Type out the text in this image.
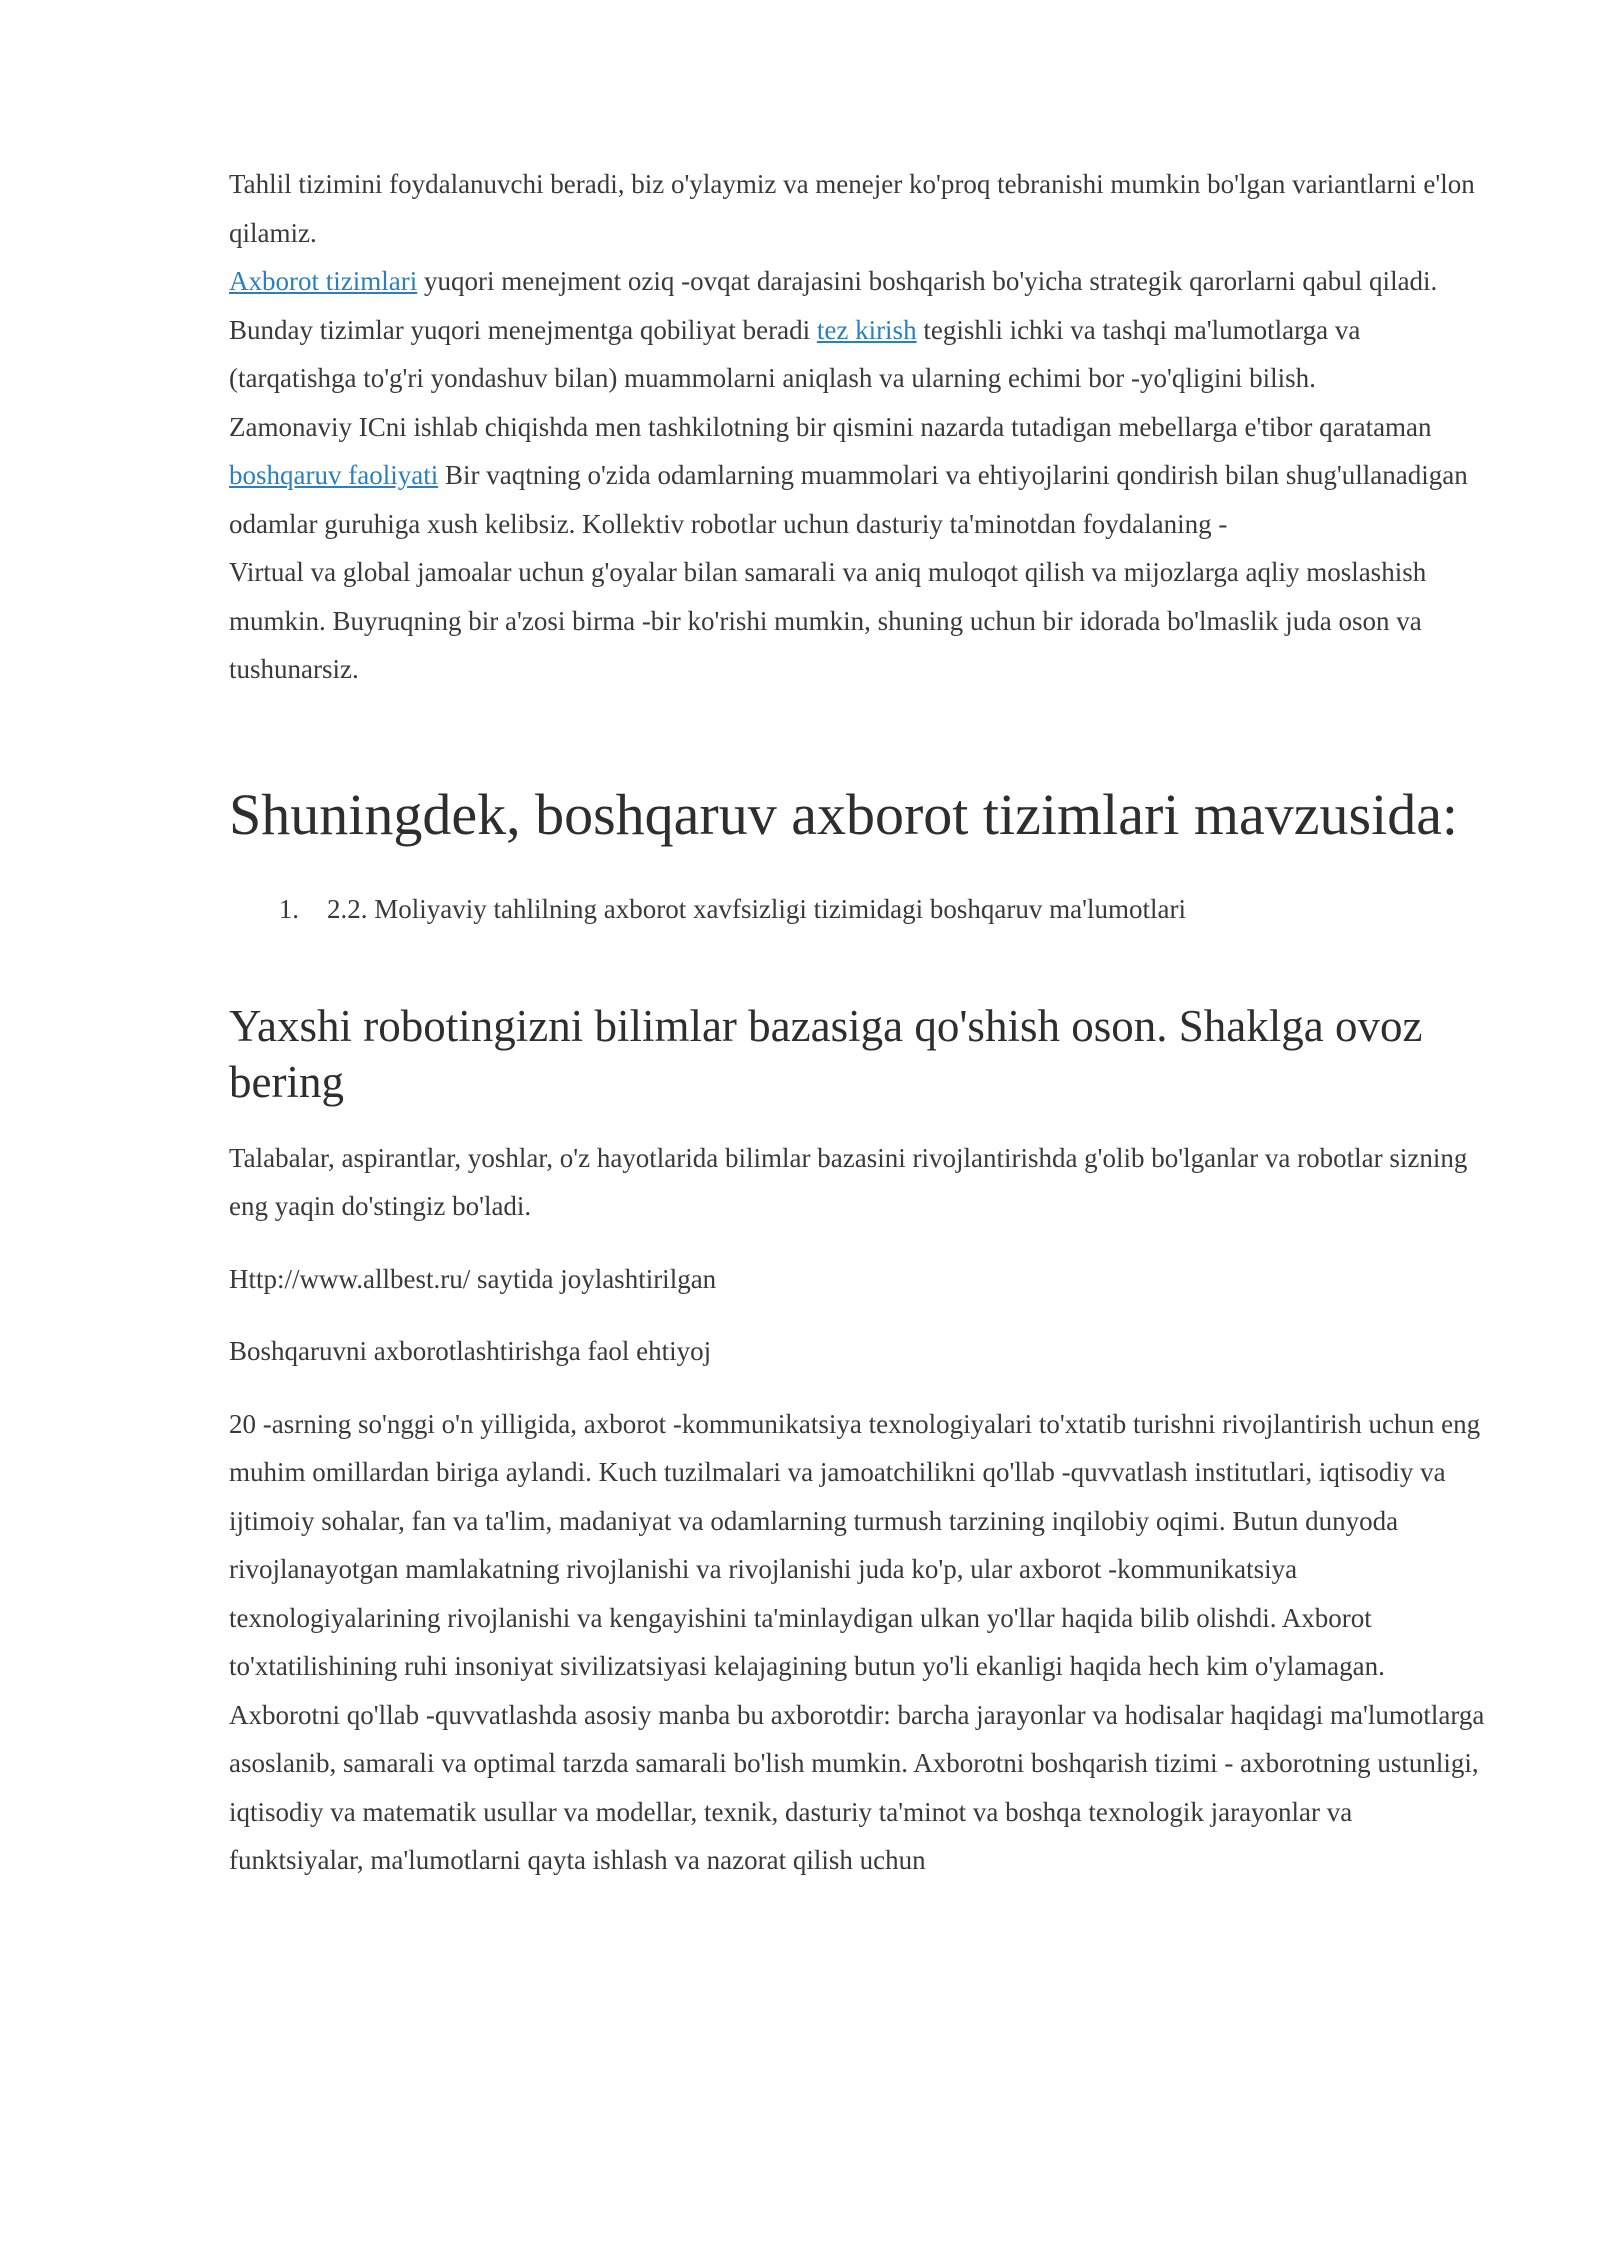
Tahlil tizimini foydalanuvchi beradi, biz o'ylaymiz va menejer ko'proq tebranishi mumkin bo'lgan variantlarni e'lon qilamiz.

Axborot tizimlari yuqori menejment oziq -ovqat darajasini boshqarish bo'yicha strategik qarorlarni qabul qiladi. Bunday tizimlar yuqori menejmentga qobiliyat beradi tez kirish tegishli ichki va tashqi ma'lumotlarga va (tarqatishga to'g'ri yondashuv bilan) muammolarni aniqlash va ularning echimi bor -yo'qligini bilish.

Zamonaviy ICni ishlab chiqishda men tashkilotning bir qismini nazarda tutadigan mebellarga e'tibor qarataman boshqaruv faoliyati Bir vaqtning o'zida odamlarning muammolari va ehtiyojlarini qondirish bilan shug'ullanadigan odamlar guruhiga xush kelibsiz. Kollektiv robotlar uchun dasturiy ta'minotdan foydalaning -

Virtual va global jamoalar uchun g'oyalar bilan samarali va aniq muloqot qilish va mijozlarga aqliy moslashish mumkin. Buyruqning bir a'zosi birma -bir ko'rishi mumkin, shuning uchun bir idorada bo'lmaslik juda oson va tushunarsiz.

Shuningdek, boshqaruv axborot tizimlari mavzusida:
1.	2.2. Moliyaviy tahlilning axborot xavfsizligi tizimidagi boshqaruv ma'lumotlari
Yaxshi robotingizni bilimlar bazasiga qo'shish oson. Shaklga ovoz bering

Talabalar, aspirantlar, yoshlar, o'z hayotlarida bilimlar bazasini rivojlantirishda g'olib bo'lganlar va robotlar sizning eng yaqin do'stingiz bo'ladi.

Http://www.allbest.ru/ saytida joylashtirilgan

Boshqaruvni axborotlashtirishga faol ehtiyoj

20 -asrning so'nggi o'n yilligida, axborot -kommunikatsiya texnologiyalari to'xtatib turishni rivojlantirish uchun eng muhim omillardan biriga aylandi. Kuch tuzilmalari va jamoatchilikni qo'llab -quvvatlash institutlari, iqtisodiy va ijtimoiy sohalar, fan va ta'lim, madaniyat va odamlarning turmush tarzining inqilobiy oqimi. Butun dunyoda rivojlanayotgan mamlakatning rivojlanishi va rivojlanishi juda ko'p, ular axborot -kommunikatsiya texnologiyalarining rivojlanishi va kengayishini ta'minlaydigan ulkan yo'llar haqida bilib olishdi. Axborot to'xtatilishining ruhi insoniyat sivilizatsiyasi kelajagining butun yo'li ekanligi haqida hech kim o'ylamagan. Axborotni qo'llab -quvvatlashda asosiy manba bu axborotdir: barcha jarayonlar va hodisalar haqidagi ma'lumotlarga asoslanib, samarali va optimal tarzda samarali bo'lish mumkin. Axborotni boshqarish tizimi - axborotning ustunligi, iqtisodiy va matematik usullar va modellar, texnik, dasturiy ta'minot va boshqa texnologik jarayonlar va funktsiyalar, ma'lumotlarni qayta ishlash va nazorat qilish uchun
